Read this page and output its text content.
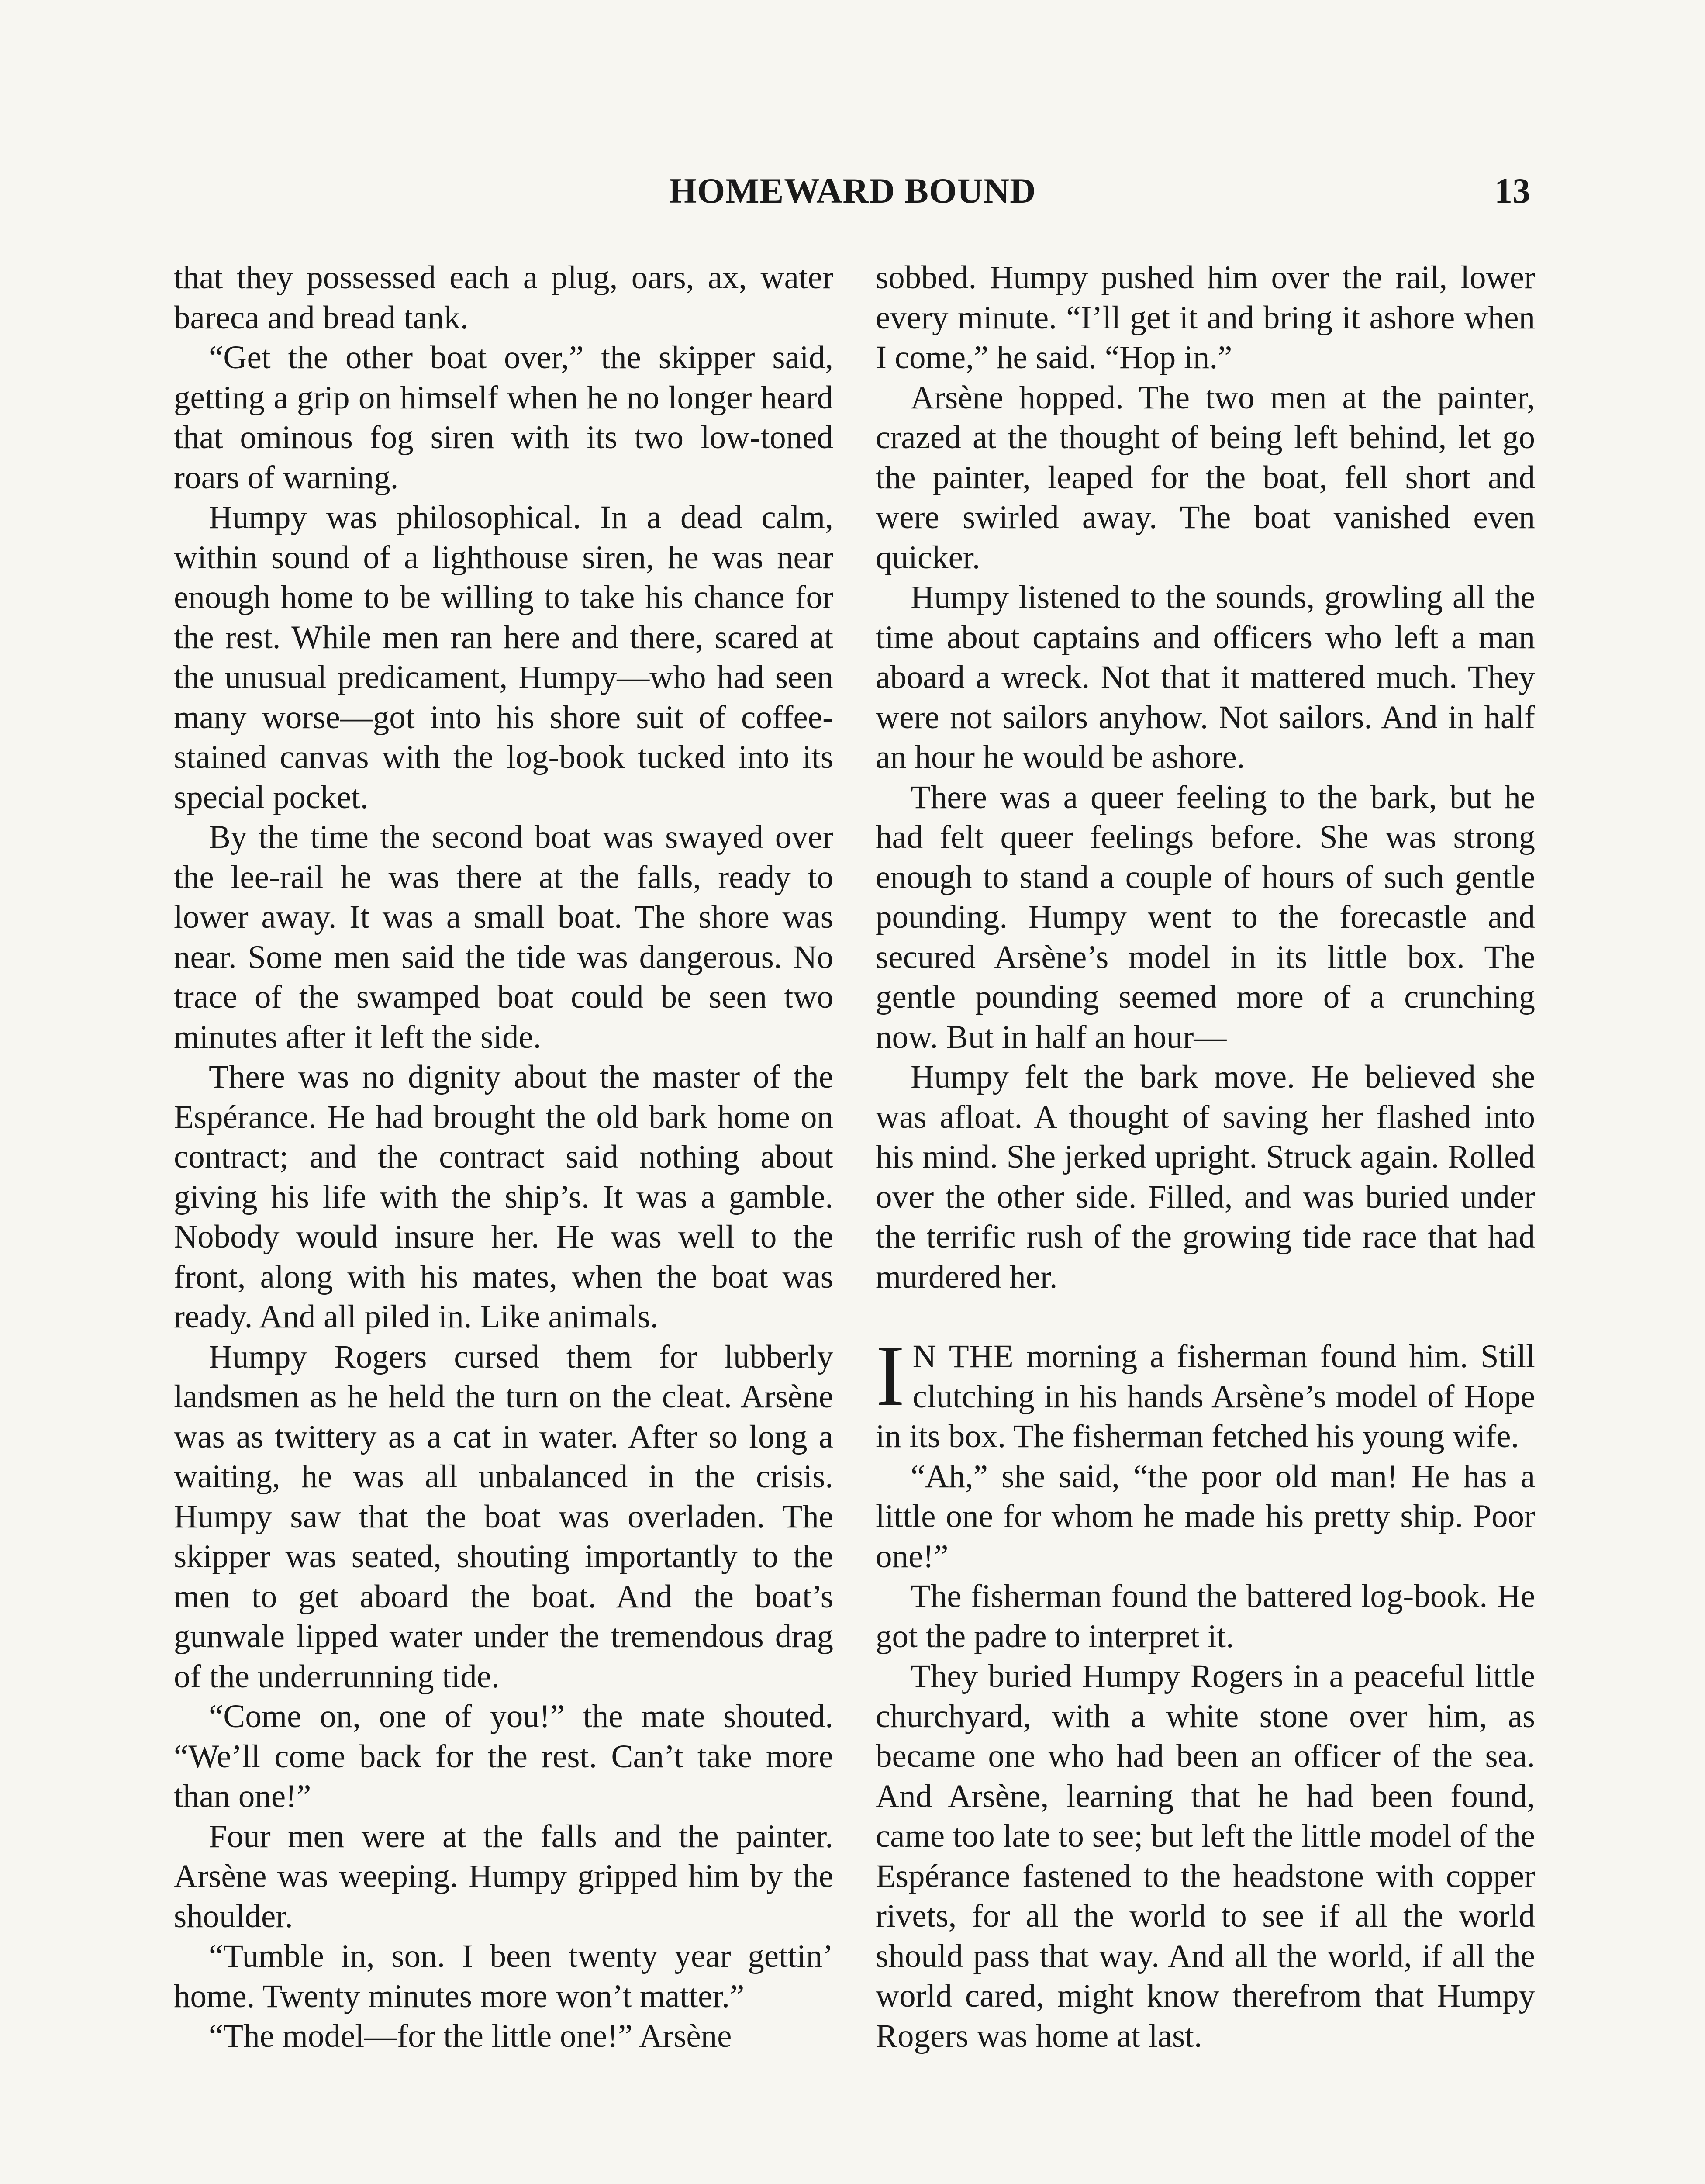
HOMEWARD BOUND	13

that they possessed each a plug, oars, ax, water bareca and bread tank.

“Get the other boat over,” the skipper said, getting a grip on himself when he no longer heard that ominous fog siren with its two low-toned roars of warning.

Humpy was philosophical. In a dead calm, within sound of a lighthouse siren, he was near enough home to be willing to take his chance for the rest. While men ran here and there, scared at the unusual predicament, Humpy—who had seen many worse—got into his shore suit of coffee-stained canvas with the log-book tucked into its special pocket.

By the time the second boat was swayed over the lee-rail he was there at the falls, ready to lower away. It was a small boat. The shore was near. Some men said the tide was dangerous. No trace of the swamped boat could be seen two minutes after it left the side.

There was no dignity about the master of the Espérance. He had brought the old bark home on contract; and the contract said nothing about giving his life with the ship’s. It was a gamble. Nobody would insure her. He was well to the front, along with his mates, when the boat was ready. And all piled in. Like animals.

Humpy Rogers cursed them for lubberly landsmen as he held the turn on the cleat. Arsène was as twittery as a cat in water. After so long a waiting, he was all unbalanced in the crisis. Humpy saw that the boat was overladen. The skipper was seated, shouting importantly to the men to get aboard the boat. And the boat’s gunwale lipped water under the tremendous drag of the underrunning tide.

“Come on, one of you!” the mate shouted. “We’ll come back for the rest. Can’t take more than one!”

Four men were at the falls and the painter. Arsène was weeping. Humpy gripped him by the shoulder.

“Tumble in, son. I been twenty year gettin’ home. Twenty minutes more won’t matter.”

“The model—for the little one!” Arsène

sobbed. Humpy pushed him over the rail, lower every minute. “I’ll get it and bring it ashore when I come,” he said. “Hop in.”

Arsène hopped. The two men at the painter, crazed at the thought of being left behind, let go the painter, leaped for the boat, fell short and were swirled away. The boat vanished even quicker.

Humpy listened to the sounds, growling all the time about captains and officers who left a man aboard a wreck. Not that it mattered much. They were not sailors anyhow. Not sailors. And in half an hour he would be ashore.

There was a queer feeling to the bark, but he had felt queer feelings before. She was strong enough to stand a couple of hours of such gentle pounding. Humpy went to the forecastle and secured Arsène’s model in its little box. The gentle pounding seemed more of a crunching now. But in half an hour—

Humpy felt the bark move. He believed she was afloat. A thought of saving her flashed into his mind. She jerked upright. Struck again. Rolled over the other side. Filled, and was buried under the terrific rush of the growing tide race that had murdered her.

I N THE morning a fisherman found him. Still clutching in his hands Arsène’s model of Hope in its box. The fisherman fetched his young wife.

“Ah,” she said, “the poor old man! He has a little one for whom he made his pretty ship. Poor one!”

The fisherman found the battered log-book. He got the padre to interpret it.

They buried Humpy Rogers in a peaceful little churchyard, with a white stone over him, as became one who had been an officer of the sea. And Arsène, learning that he had been found, came too late to see; but left the little model of the Espérance fastened to the headstone with copper rivets, for all the world to see if all the world should pass that way. And all the world, if all the world cared, might know therefrom that Humpy Rogers was home at last.
